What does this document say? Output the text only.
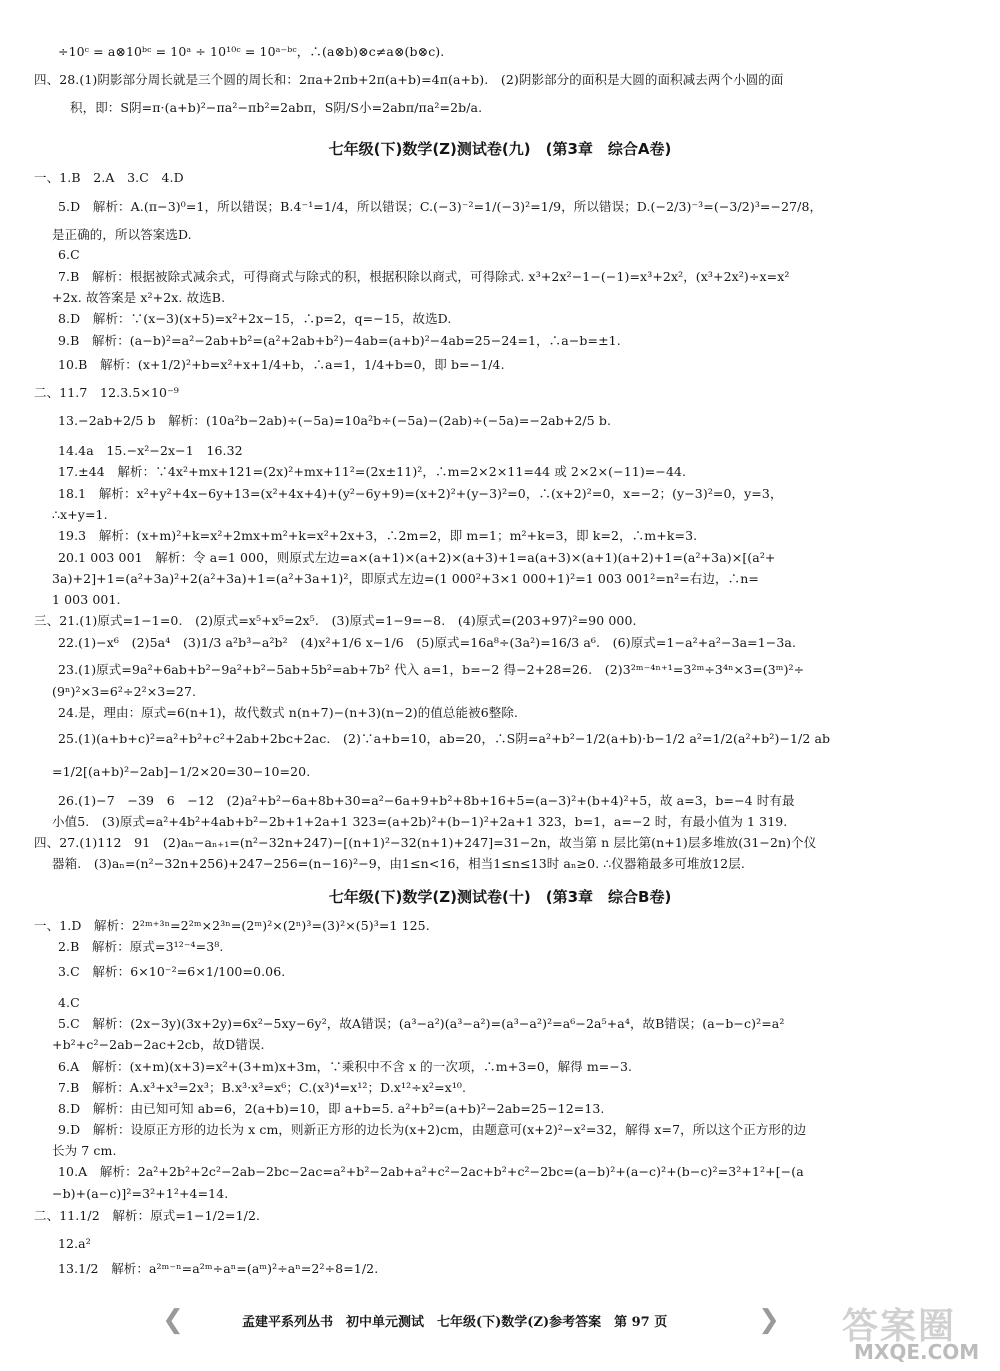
÷10ᶜ = a⊗10ᵇᶜ = 10ᵃ ÷ 10¹⁰ᶜ = 10ᵃ⁻ᵇᶜ，∴(a⊗b)⊗c≠a⊗(b⊗c).
四、28.(1)阴影部分周长就是三个圆的周长和：2πa+2πb+2π(a+b)=4π(a+b).　(2)阴影部分的面积是大圆的面积减去两个小圆的面
积，即：S阴=π·(a+b)²−πa²−πb²=2abπ，S阴/S小=2abπ/πa²=2b/a.
七年级(下)数学(Z)测试卷(九)　(第3章　综合A卷)
一、1.B　2.A　3.C　4.D
5.D　解析：A.(π−3)⁰=1，所以错误；B.4⁻¹=1/4，所以错误；C.(−3)⁻²=1/(−3)²=1/9，所以错误；D.(−2/3)⁻³=(−3/2)³=−27/8，
是正确的，所以答案选D.
6.C
7.B　解析：根据被除式减余式，可得商式与除式的积，根据积除以商式，可得除式. x³+2x²−1−(−1)=x³+2x²，(x³+2x²)÷x=x²
+2x. 故答案是 x²+2x. 故选B.
8.D　解析：∵(x−3)(x+5)=x²+2x−15，∴p=2，q=−15，故选D.
9.B　解析：(a−b)²=a²−2ab+b²=(a²+2ab+b²)−4ab=(a+b)²−4ab=25−24=1，∴a−b=±1.
10.B　解析：(x+1/2)²+b=x²+x+1/4+b，∴a=1，1/4+b=0，即 b=−1/4.
二、11.7　12.3.5×10⁻⁹
13.−2ab+2/5 b　解析：(10a²b−2ab)÷(−5a)=10a²b÷(−5a)−(2ab)÷(−5a)=−2ab+2/5 b.
14.4a　15.−x²−2x−1　16.32
17.±44　解析：∵4x²+mx+121=(2x)²+mx+11²=(2x±11)²，∴m=2×2×11=44 或 2×2×(−11)=−44.
18.1　解析：x²+y²+4x−6y+13=(x²+4x+4)+(y²−6y+9)=(x+2)²+(y−3)²=0，∴(x+2)²=0，x=−2；(y−3)²=0，y=3，
∴x+y=1.
19.3　解析：(x+m)²+k=x²+2mx+m²+k=x²+2x+3，∴2m=2，即 m=1；m²+k=3，即 k=2，∴m+k=3.
20.1 003 001　解析：令 a=1 000，则原式左边=a×(a+1)×(a+2)×(a+3)+1=a(a+3)×(a+1)(a+2)+1=(a²+3a)×[(a²+
3a)+2]+1=(a²+3a)²+2(a²+3a)+1=(a²+3a+1)²，即原式左边=(1 000²+3×1 000+1)²=1 003 001²=n²=右边，∴n=
1 003 001.
三、21.(1)原式=1−1=0.　(2)原式=x⁵+x⁵=2x⁵.　(3)原式=1−9=−8.　(4)原式=(203+97)²=90 000.
22.(1)−x⁶　(2)5a⁴　(3)1/3 a²b³−a²b²　(4)x²+1/6 x−1/6　(5)原式=16a⁸÷(3a²)=16/3 a⁶.　(6)原式=1−a²+a²−3a=1−3a.
23.(1)原式=9a²+6ab+b²−9a²+b²−5ab+5b²=ab+7b² 代入 a=1，b=−2 得−2+28=26.　(2)3²ᵐ⁻⁴ⁿ⁺¹=3²ᵐ÷3⁴ⁿ×3=(3ᵐ)²÷
(9ⁿ)²×3=6²÷2²×3=27.
24.是，理由：原式=6(n+1)，故代数式 n(n+7)−(n+3)(n−2)的值总能被6整除.
25.(1)(a+b+c)²=a²+b²+c²+2ab+2bc+2ac.　(2)∵a+b=10，ab=20，∴S阴=a²+b²−1/2(a+b)·b−1/2 a²=1/2(a²+b²)−1/2 ab
=1/2[(a+b)²−2ab]−1/2×20=30−10=20.
26.(1)−7　−39　6　−12　(2)a²+b²−6a+8b+30=a²−6a+9+b²+8b+16+5=(a−3)²+(b+4)²+5，故 a=3，b=−4 时有最
小值5.　(3)原式=a²+4b²+4ab+b²−2b+1+2a+1 323=(a+2b)²+(b−1)²+2a+1 323，b=1，a=−2 时，有最小值为 1 319.
四、27.(1)112　91　(2)aₙ−aₙ₊₁=(n²−32n+247)−[(n+1)²−32(n+1)+247]=31−2n，故当第 n 层比第(n+1)层多堆放(31−2n)个仪
器箱.　(3)aₙ=(n²−32n+256)+247−256=(n−16)²−9，由1≤n<16，相当1≤n≤13时 aₙ≥0. ∴仪器箱最多可堆放12层.
七年级(下)数学(Z)测试卷(十)　(第3章　综合B卷)
一、1.D　解析：2²ᵐ⁺³ⁿ=2²ᵐ×2³ⁿ=(2ᵐ)²×(2ⁿ)³=(3)²×(5)³=1 125.
2.B　解析：原式=3¹²⁻⁴=3⁸.
3.C　解析：6×10⁻²=6×1/100=0.06.
4.C
5.C　解析：(2x−3y)(3x+2y)=6x²−5xy−6y²，故A错误；(a³−a²)(a³−a²)=(a³−a²)²=a⁶−2a⁵+a⁴，故B错误；(a−b−c)²=a²
+b²+c²−2ab−2ac+2cb，故D错误.
6.A　解析：(x+m)(x+3)=x²+(3+m)x+3m，∵乘积中不含 x 的一次项，∴m+3=0，解得 m=−3.
7.B　解析：A.x³+x³=2x³；B.x³·x³=x⁶；C.(x³)⁴=x¹²；D.x¹²÷x²=x¹⁰.
8.D　解析：由已知可知 ab=6，2(a+b)=10，即 a+b=5. a²+b²=(a+b)²−2ab=25−12=13.
9.D　解析：设原正方形的边长为 x cm，则新正方形的边长为(x+2)cm，由题意可(x+2)²−x²=32，解得 x=7，所以这个正方形的边
长为 7 cm.
10.A　解析：2a²+2b²+2c²−2ab−2bc−2ac=a²+b²−2ab+a²+c²−2ac+b²+c²−2bc=(a−b)²+(a−c)²+(b−c)²=3²+1²+[−(a
−b)+(a−c)]²=3²+1²+4=14.
二、11.1/2　解析：原式=1−1/2=1/2.
12.a²
13.1/2　解析：a²ᵐ⁻ⁿ=a²ᵐ÷aⁿ=(aᵐ)²÷aⁿ=2²÷8=1/2.
❮	孟建平系列丛书　初中单元测试　七年级(下)数学(Z)参考答案　第 97 页	❯ 答案圈
MXQE.COM
